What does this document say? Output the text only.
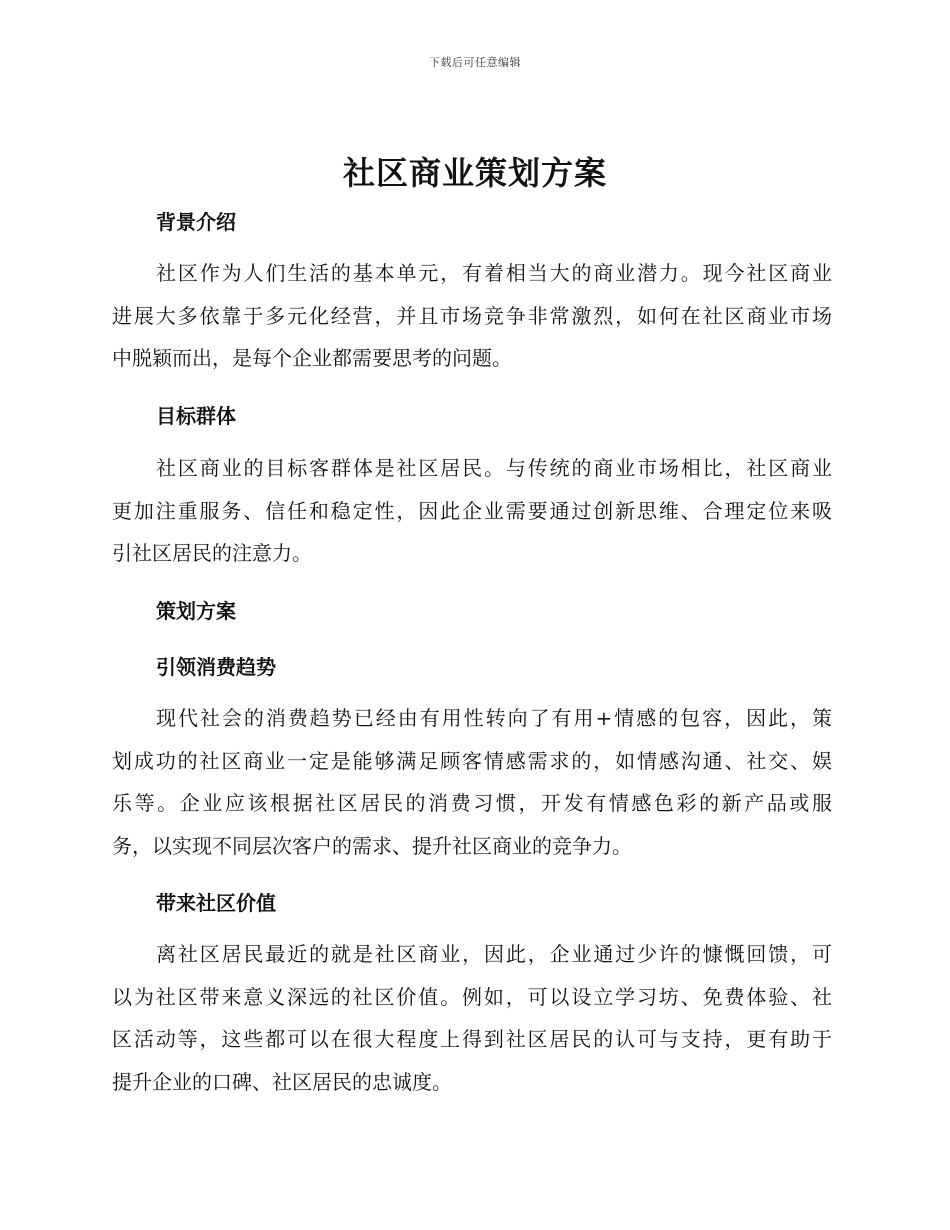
下载后可任意编辑
社区商业策划方案
背景介绍
社区作为人们生活的基本单元，有着相当大的商业潜力。现今社区商业
进展大多依靠于多元化经营，并且市场竞争非常激烈，如何在社区商业市场
中脱颖而出，是每个企业都需要思考的问题。
目标群体
社区商业的目标客群体是社区居民。与传统的商业市场相比，社区商业
更加注重服务、信任和稳定性，因此企业需要通过创新思维、合理定位来吸
引社区居民的注意力。
策划方案
引领消费趋势
现代社会的消费趋势已经由有用性转向了有用+情感的包容，因此，策
划成功的社区商业一定是能够满足顾客情感需求的，如情感沟通、社交、娱
乐等。企业应该根据社区居民的消费习惯，开发有情感色彩的新产品或服
务，以实现不同层次客户的需求、提升社区商业的竞争力。
带来社区价值
离社区居民最近的就是社区商业，因此，企业通过少许的慷慨回馈，可
以为社区带来意义深远的社区价值。例如，可以设立学习坊、免费体验、社
区活动等，这些都可以在很大程度上得到社区居民的认可与支持，更有助于
提升企业的口碑、社区居民的忠诚度。
